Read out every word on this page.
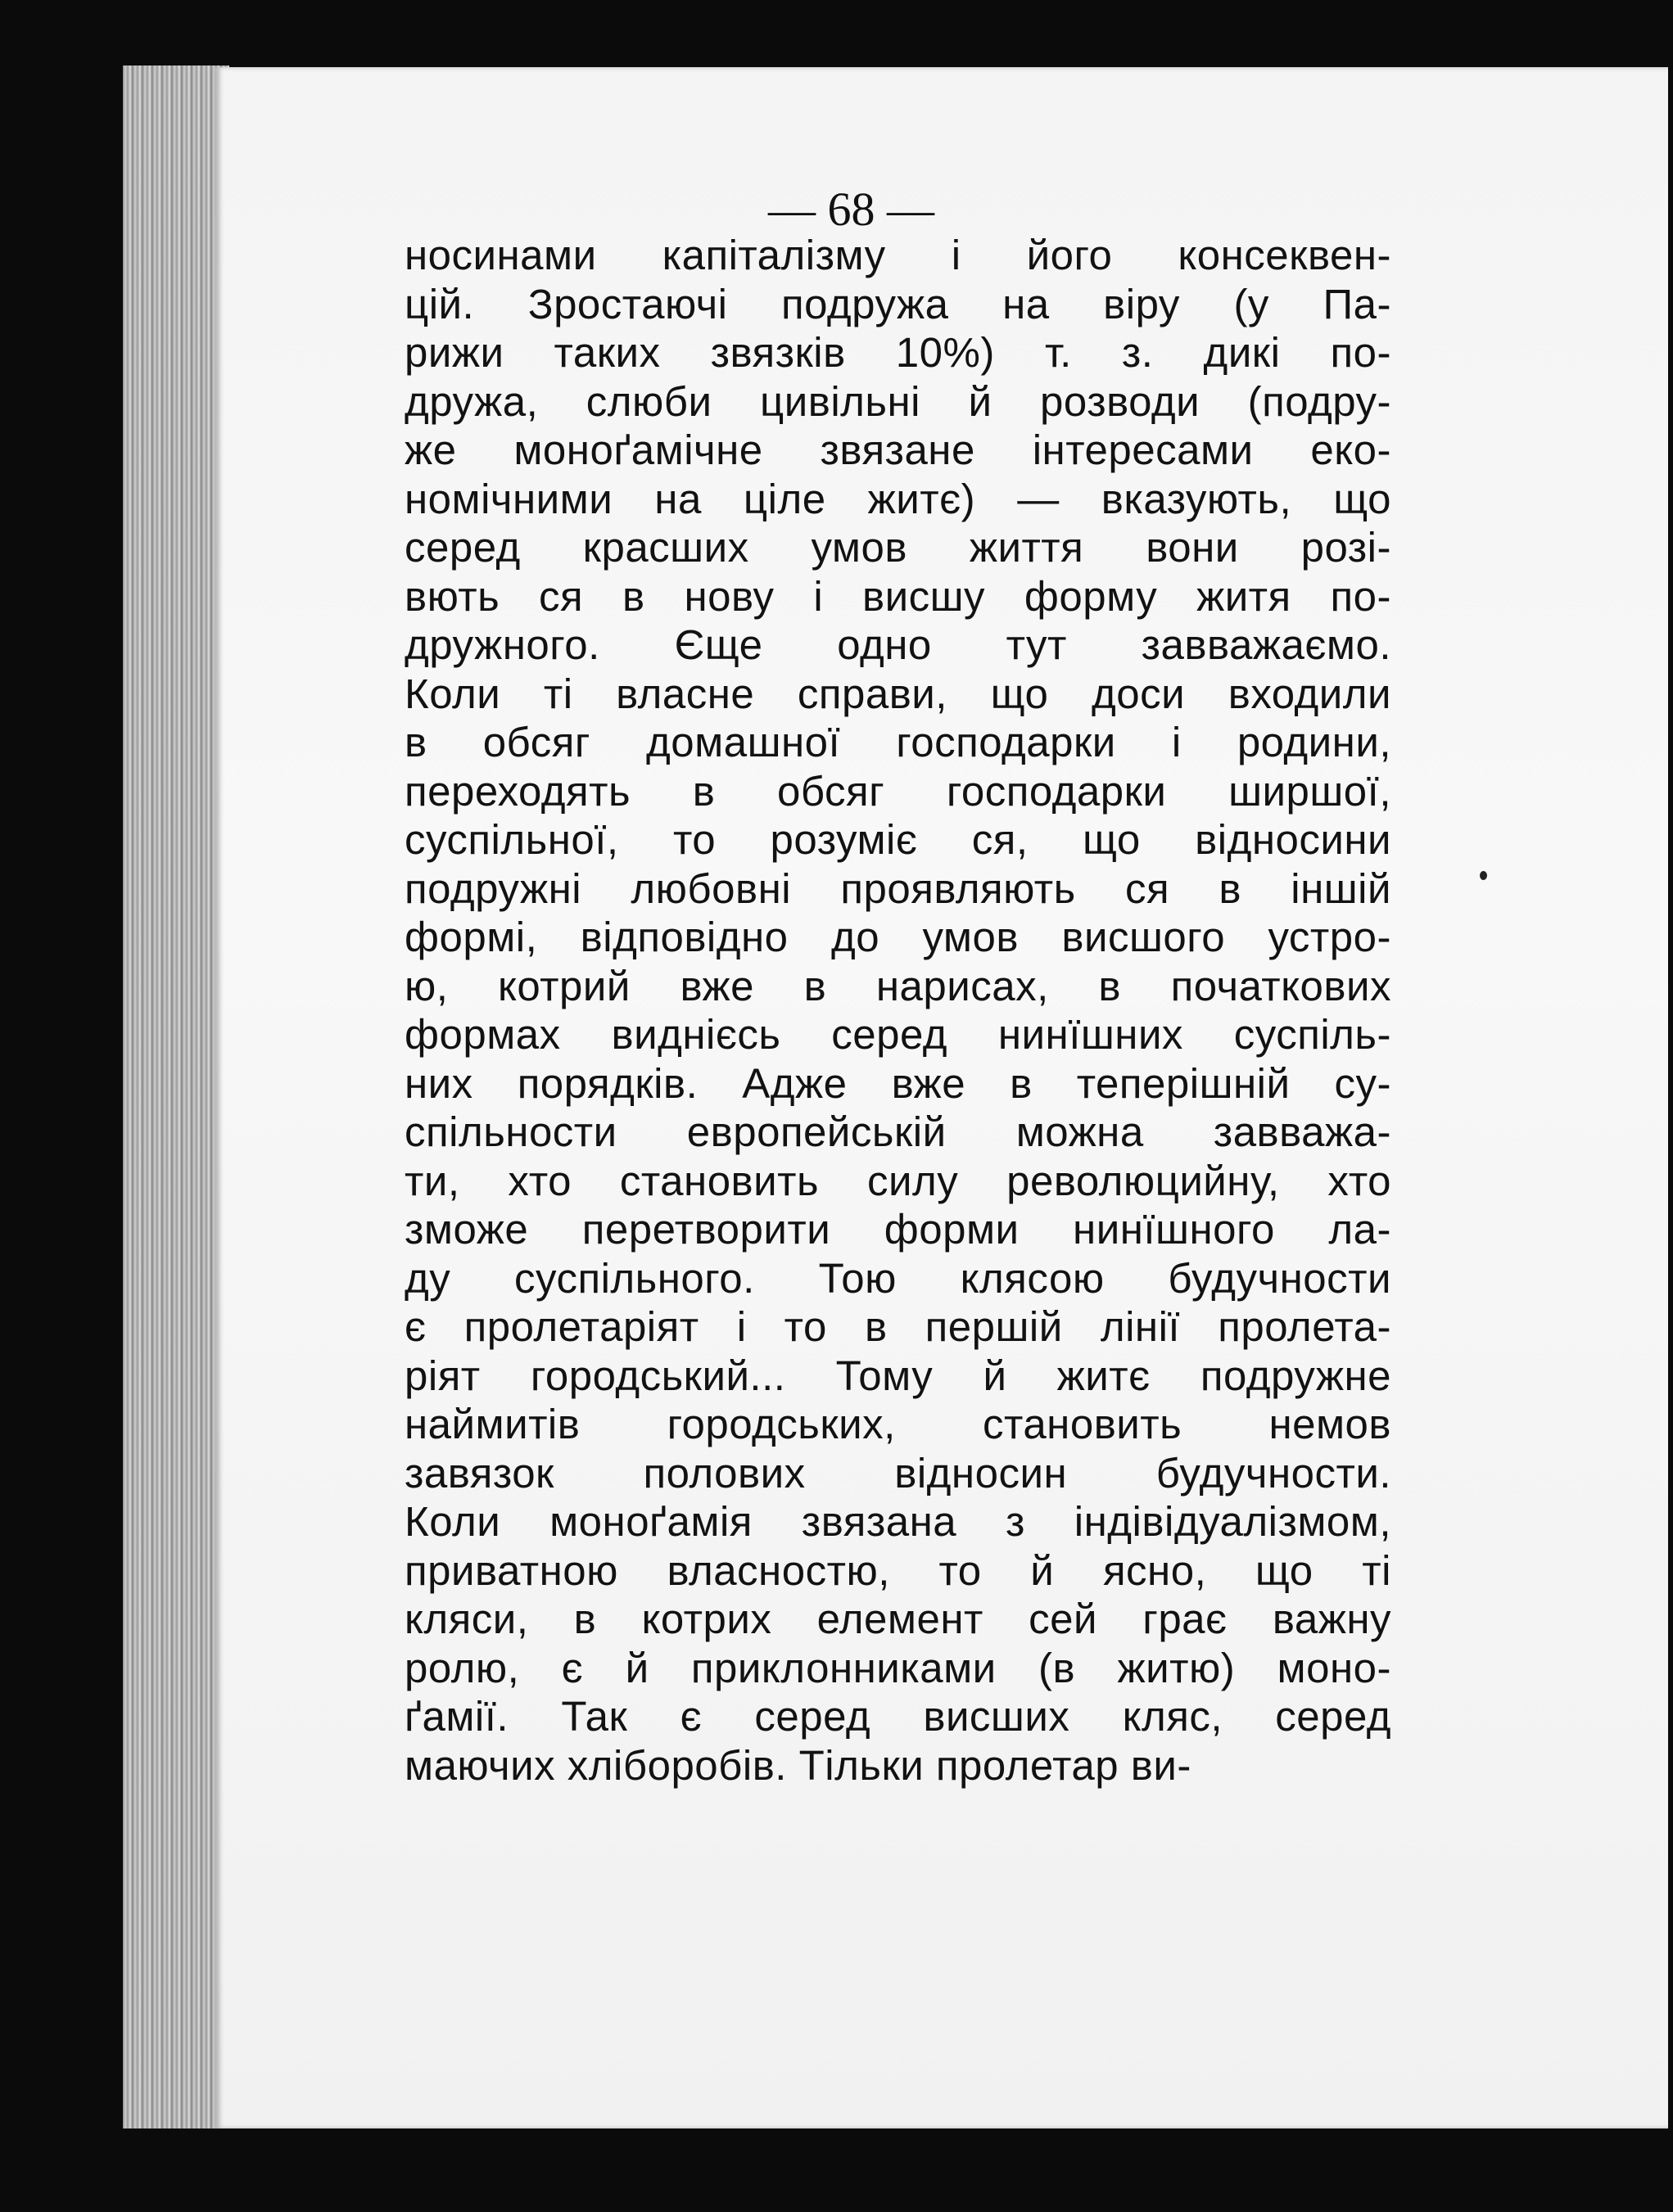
— 68 —
носинами капіталізму і його консеквен-
цій. Зростаючі подружа на віру (у Па-
рижи таких звязків 10%) т. з. дикі по-
дружа, слюби цивільні й розводи (подру-
же моноґамічне звязане інтересами еко-
номічними на ціле житє) — вказують, що
серед красших умов життя вони розі-
вють ся в нову і висшу форму житя по-
дружного. Єще одно тут завважаємо.
Коли ті власне справи, що доси входили
в обсяг домашної господарки і родини,
переходять в обсяг господарки ширшої,
суспільної, то розуміє ся, що відносини
подружні любовні проявляють ся в іншій
формі, відповідно до умов висшого устро-
ю, котрий вже в нарисах, в початкових
формах виднієсь серед нинїшних суспіль-
них порядків. Адже вже в теперішній су-
спільности европейській можна завважа-
ти, хто становить силу революцийну, хто
зможе перетворити форми нинїшного ла-
ду суспільного. Тою клясою будучности
є пролетаріят і то в першій лінії пролета-
ріят городський... Тому й житє подружне
наймитів городських, становить немов
завязок полових відносин будучности.
Коли моноґамія звязана з індівідуалізмом,
приватною власностю, то й ясно, що ті
кляси, в котрих елемент сей грає важну
ролю, є й приклонниками (в житю) моно-
ґамії. Так є серед висших кляс, серед
маючих хліборобів. Тільки пролетар ви-
